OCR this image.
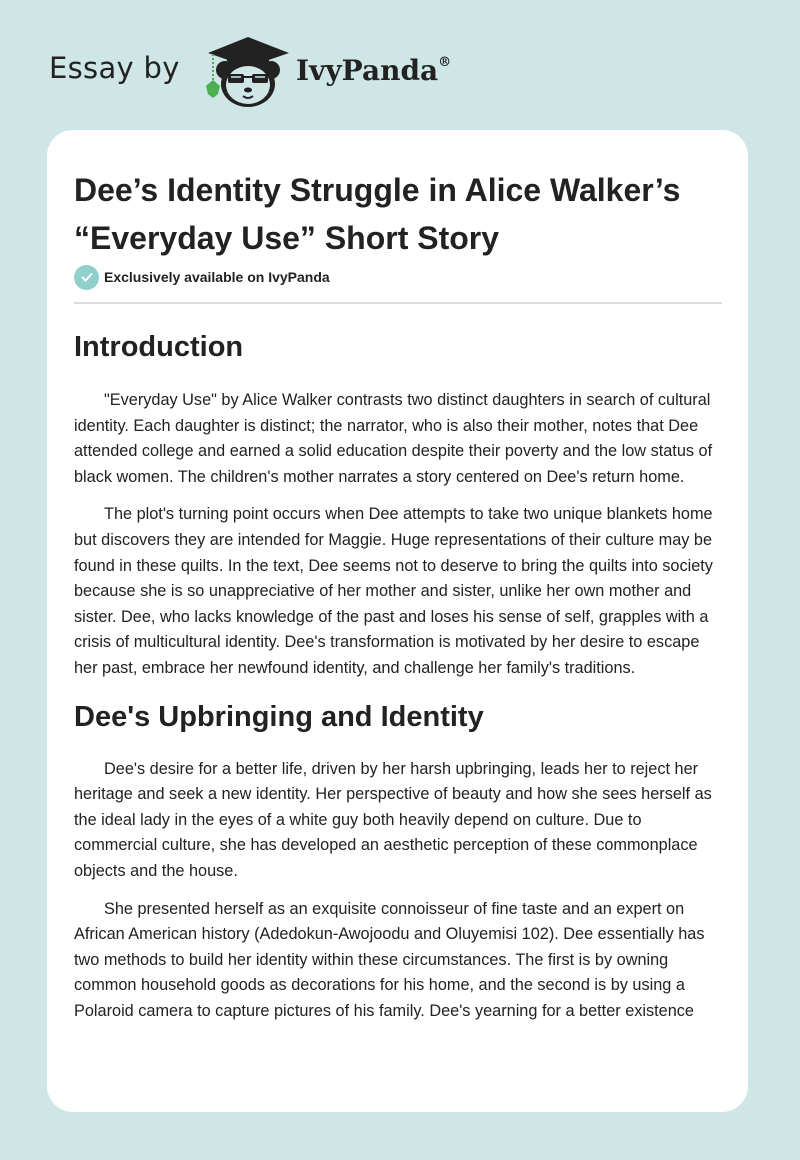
Essay by	IvyPanda®
Dee’s Identity Struggle in Alice Walker’s “Everyday Use” Short Story
Exclusively available on IvyPanda
Introduction

"Everyday Use" by Alice Walker contrasts two distinct daughters in search of cultural identity. Each daughter is distinct; the narrator, who is also their mother, notes that Dee attended college and earned a solid education despite their poverty and the low status of black women. The children's mother narrates a story centered on Dee's return home.

The plot's turning point occurs when Dee attempts to take two unique blankets home but discovers they are intended for Maggie. Huge representations of their culture may be found in these quilts. In the text, Dee seems not to deserve to bring the quilts into society because she is so unappreciative of her mother and sister, unlike her own mother and sister. Dee, who lacks knowledge of the past and loses his sense of self, grapples with a crisis of multicultural identity. Dee's transformation is motivated by her desire to escape her past, embrace her newfound identity, and challenge her family's traditions.

Dee's Upbringing and Identity

Dee's desire for a better life, driven by her harsh upbringing, leads her to reject her heritage and seek a new identity. Her perspective of beauty and how she sees herself as the ideal lady in the eyes of a white guy both heavily depend on culture. Due to commercial culture, she has developed an aesthetic perception of these commonplace objects and the house.

She presented herself as an exquisite connoisseur of fine taste and an expert on African American history (Adedokun-Awojoodu and Oluyemisi 102). Dee essentially has two methods to build her identity within these circumstances. The first is by owning common household goods as decorations for his home, and the second is by using a Polaroid camera to capture pictures of his family. Dee's yearning for a better existence
